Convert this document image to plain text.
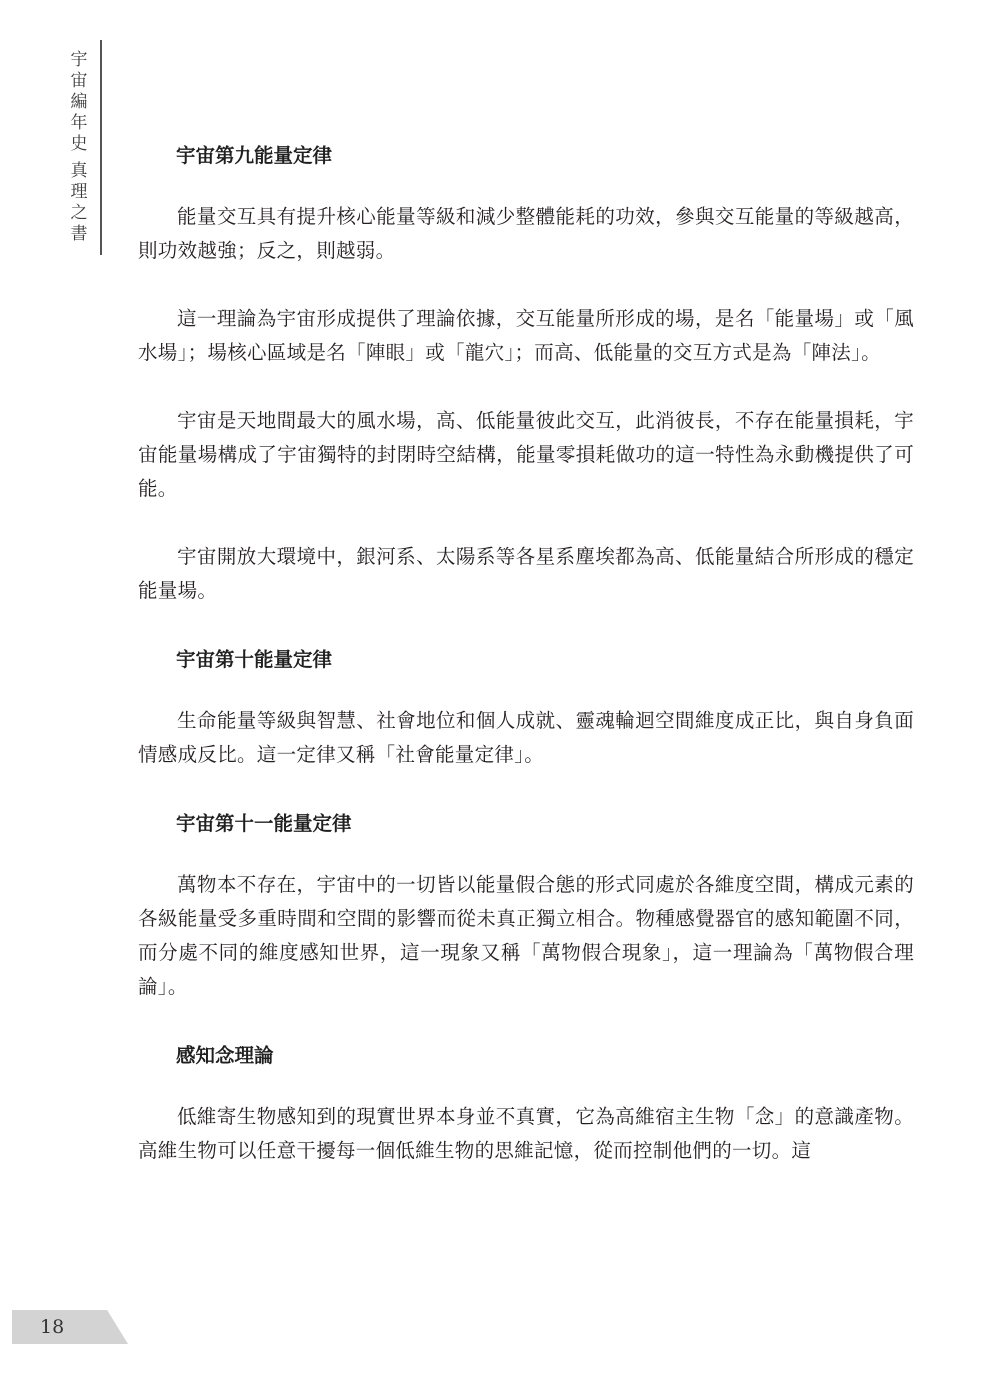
宇
宙
編
年
史
真
理
之
書
宇宙第九能量定律

能量交互具有提升核心能量等級和減少整體能耗的功效，參與交互能量的等級越高，則功效越強；反之，則越弱。

這一理論為宇宙形成提供了理論依據，交互能量所形成的場，是名「能量場」或「風水場」；場核心區域是名「陣眼」或「龍穴」；而高、低能量的交互方式是為「陣法」。

宇宙是天地間最大的風水場，高、低能量彼此交互，此消彼長，不存在能量損耗，宇宙能量場構成了宇宙獨特的封閉時空結構，能量零損耗做功的這一特性為永動機提供了可能。

宇宙開放大環境中，銀河系、太陽系等各星系塵埃都為高、低能量結合所形成的穩定能量場。

宇宙第十能量定律

生命能量等級與智慧、社會地位和個人成就、靈魂輪迴空間維度成正比，與自身負面情感成反比。這一定律又稱「社會能量定律」。

宇宙第十一能量定律

萬物本不存在，宇宙中的一切皆以能量假合態的形式同處於各維度空間，構成元素的各級能量受多重時間和空間的影響而從未真正獨立相合。物種感覺器官的感知範圍不同，而分處不同的維度感知世界，這一現象又稱「萬物假合現象」，這一理論為「萬物假合理論」。

感知念理論

低維寄生物感知到的現實世界本身並不真實，它為高維宿主生物「念」的意識產物。高維生物可以任意干擾每一個低維生物的思維記憶，從而控制他們的一切。這

18
